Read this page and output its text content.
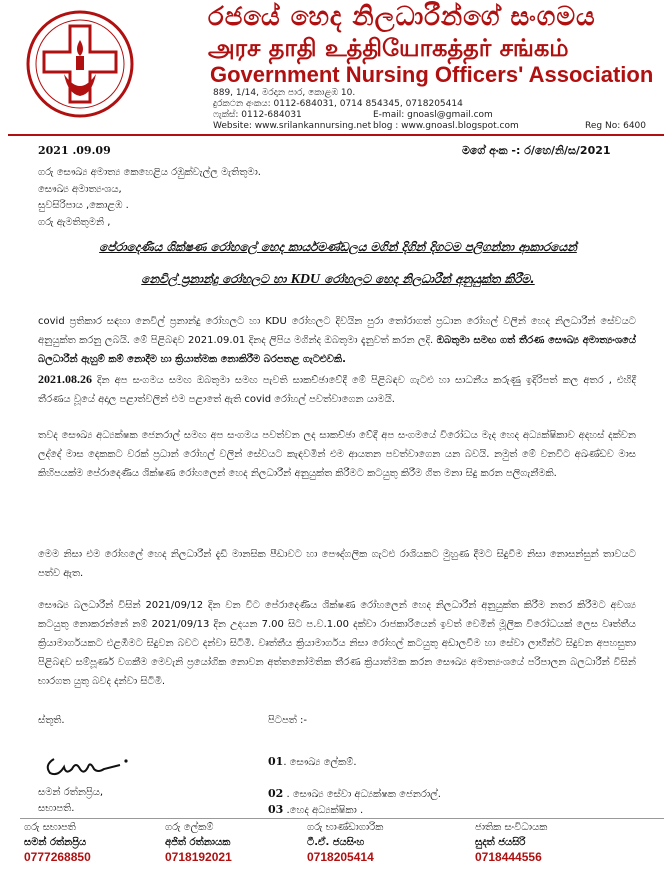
රජයේ හෙද නිලධාරීන්ගේ සංගමය
அரச தாதி உத்தியோகத்தர் சங்கம்
Government Nursing Officers' Association
889, 1/14, මරදාන පාර, කොළඹ 10.
දුරකථන අංකය: 0112-684031, 0714 854345, 0718205414
ෆැක්ස්: 0112-684031	E-mail: gnoasl@gmail.com
Website: www.srilankannursing.net blog : www.gnoasl.blogspot.com	Reg No: 6400
2021 .09.09	මගේ අංක -: ර/හෙ/නි/ස/2021
ගරු සෞඛ්‍ය අමාත්‍ය කෙහෙළිය රඹුක්වැල්ල මැතිතුමා.
සෞඛ්‍ය අමාත්‍යංශය,
සුවසිරිපාය ,කොළඹ .
ගරු ඇමතිතුමනි ,
පේරාදෙණිය ශික්ෂණ රෝහලේ හෙද කාර්යමණ්ඩලය මගින් දිගින් දිගටම පලිගන්නා ආකාරයෙන්
නෙවිල් ප්‍රනාන්දු රෝහලට හා KDU රෝහලට හෙද නිලධාරීන් අනුයුක්ත කිරීම.
covid ප්‍රතිකාර සඳහා නෙවිල් ප්‍රනාන්දු රෝහලට හා KDU රෝහලට දිවයින පුරා තෝරාගත් ප්‍රධාන රෝහල් වලින් හෙද නිලධාරීන් සේවයට අනුයුක්ත කරනු ලබයි. මේ පිළිබඳව 2021.09.01 දිනද ලිපිය මගින්ද ඔබතුමා දැනුවත් කරන ලදි. ඔබතුමා සමඟ ගත් තීරණ සෞඛ්‍ය අමාත්‍යංශයේ බලධාරීන් ඇහුම් කම් නොදීම හා ක්‍රියාත්මක නොකිරීම බරපතළ ගැටළුවකි.
2021.08.26 දින අප සංගමය සමඟ ඔබතුමා සමඟ පැවති සාකච්ඡාවේදී මේ පිළිබඳව ගැටළු හා සාධනීය කරුණු ඉදිරිපත් කල අතර , එහිදී තීරණය වූයේ අදාල පළාත්වලින් එම පළාතේ ඇති covid රෝහල් පවත්වාගෙන යාමයි.
තවද සෞඛ්‍ය අධ්‍යක්ෂක ජෙනරාල් සමඟ අප සංගමය පවත්වන ලද සාකච්ඡා වේදී අප සංගමයේ විරෝධය මැද හෙද අධ්‍යක්ෂිකාව අදහස් දක්වන ලද්දේ මාස දෙකකට වරක් ප්‍රධාන් රෝහල් වලින් සේවයට කැඳවමින් එම ආයතන පවත්වාගෙන යන බවයි. නමුත් මේ වනවිට අඛණ්ඩව මාස කිහිපයක්ම පේරාදෙණිය ශික්ෂණ රෝහලෙන් හෙද නිලධාරීන් අනුයුක්ත කිරීමට කටයුතු කිරීම ගිත මනා සිදු කරන පලිගැනීමකි.
මෙම නිසා එම රෝහලේ හෙද නිලධාරීන් දැඩි මානසික පීඩාවට හා පෞද්ගලික ගැටළු රාශියකට මුහුණ දීමට සිදුවීම නිසා නොසන්සුන් තාවයට පත්ව ඇත.
සෞඛ්‍ය බලධාරීන් විසින් 2021/09/12 දින වන විට පේරාදෙණිය ශික්ෂණ රෝහලෙන් හෙද නිලධාරීන් අනුයුක්ත කිරීම නතර කිරීමට අවශ්‍ය කටයුතු නොකරන්නේ නම් 2021/09/13 දින උදයන 7.00 සිට ප.ව.1.00 දක්වා රාජකාරියෙන් ඉවත් වෙමින් මූලික විරෝධයක් ලෙස වෘත්තීය ක්‍රියාමාර්ගයකට එළඹීමට සිදුවන බවට දන්වා සිටිමි. වෘත්තීය ක්‍රියාමාර්ගය නිසා රෝහල් කටයුතු අඩාලවීම හා සේවා ලාභීන්ට සිදුවන අපහසුතා පිළිබඳව සම්පූර්ණ වගකීම මෙවැනි ප්‍රයෝගික නොවන අත්තනෝමතික තීරණ ක්‍රියාත්මක කරන සෞඛ්‍ය අමාත්‍යංශයේ පරිපාලන බලධාරීන් විසින් භාරගත යුතු බවද දන්වා සිටිමි.
ස්තූති.	පිටපත් :-
01. සෞඛ්‍ය ලේකම්.
02 . සෞඛ්‍ය සේවා අධ්‍යක්ෂක ජෙනරාල්.
03 .හෙද අධ්‍යක්ෂිකා .
සමන් රත්නප්‍රිය,
සභාපති.
ගරු සභාපති
සමන් රත්නප්‍රිය
0777268850
ගරු ලේකම්
අජිත් රත්නායක
0718192021
ගරු භාණ්ඩාගාරික
ටී.ඒ. ජයසිංහ
0718205414
ජාතික සංවිධායක
සුදත් ජයසිරි
0718444556
